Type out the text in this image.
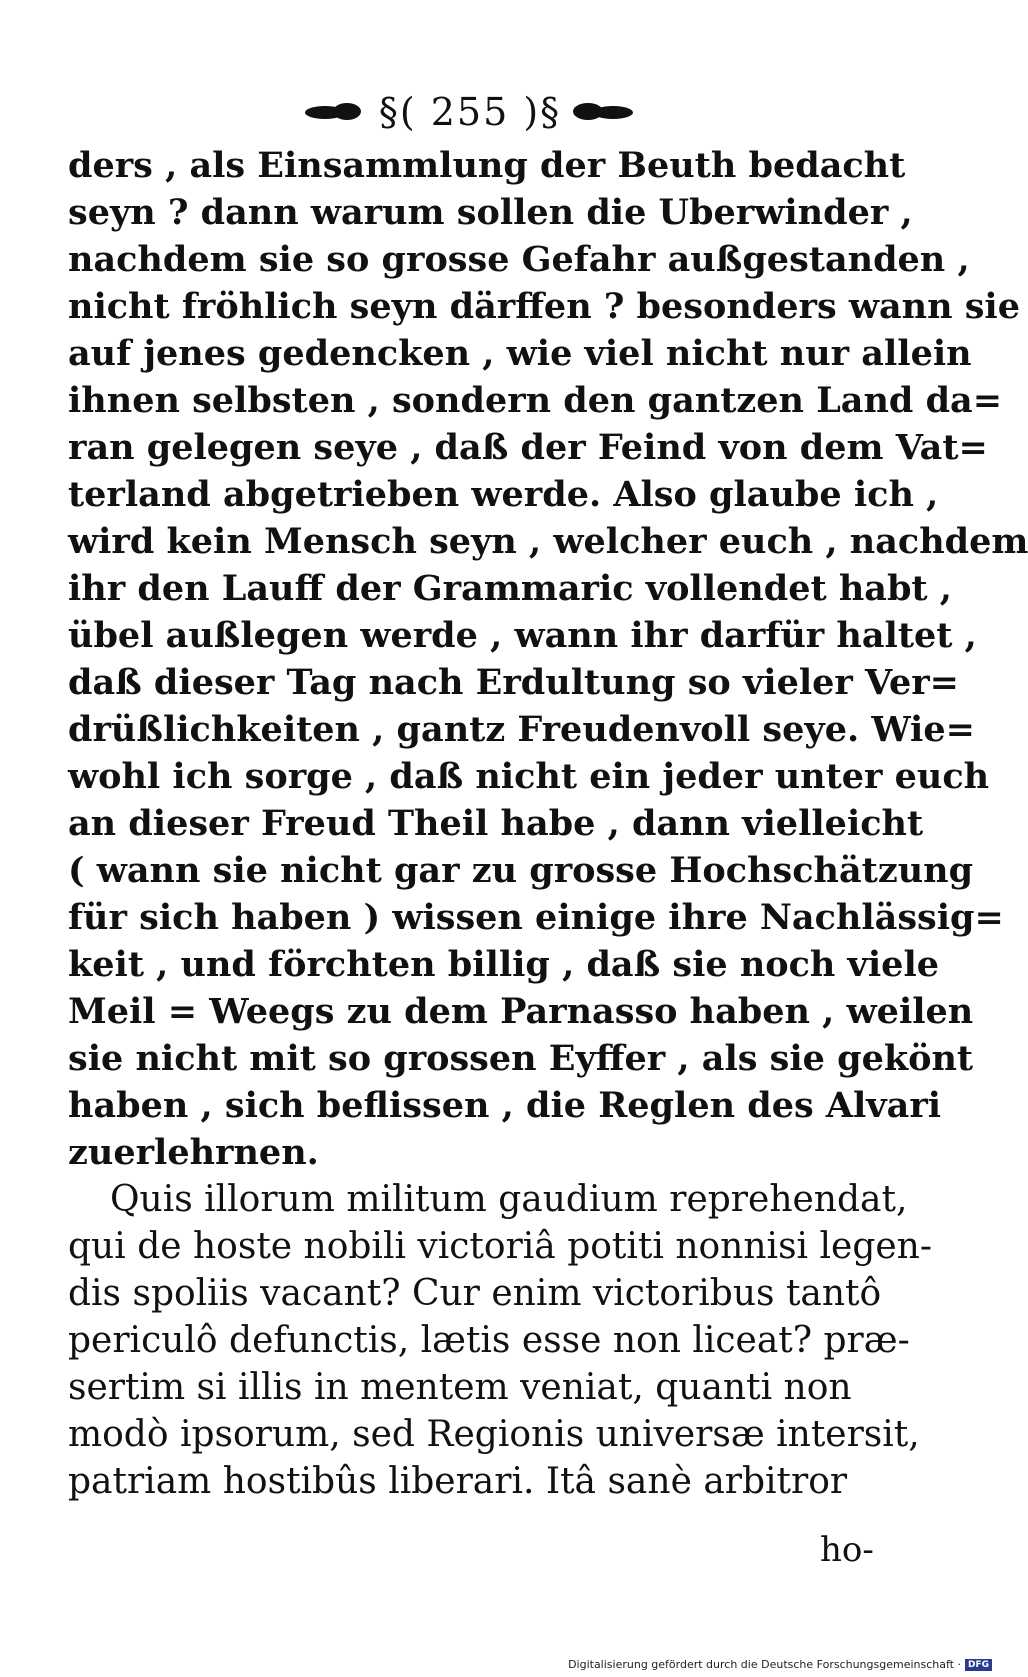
§( 255 )§
ders , als Einsammlung der Beuth bedacht
seyn ? dann warum sollen die Uberwinder ,
nachdem sie so grosse Gefahr außgestanden ,
nicht fröhlich seyn därffen ? besonders wann sie
auf jenes gedencken , wie viel nicht nur allein
ihnen selbsten , sondern den gantzen Land da=
ran gelegen seye , daß der Feind von dem Vat=
terland abgetrieben werde. Also glaube ich ,
wird kein Mensch seyn , welcher euch , nachdem
ihr den Lauff der Grammaric vollendet habt ,
übel außlegen werde , wann ihr darfür haltet ,
daß dieser Tag nach Erdultung so vieler Ver=
drüßlichkeiten , gantz Freudenvoll seye. Wie=
wohl ich sorge , daß nicht ein jeder unter euch
an dieser Freud Theil habe , dann vielleicht
( wann sie nicht gar zu grosse Hochschätzung
für sich haben ) wissen einige ihre Nachlässig=
keit , und förchten billig , daß sie noch viele
Meil = Weegs zu dem Parnasso haben , weilen
sie nicht mit so grossen Eyffer , als sie gekönt
haben , sich beflissen , die Reglen des Alvari
zuerlehrnen.
Quis illorum militum gaudium reprehendat,
qui de hoste nobili victoriâ potiti nonnisi legen-
dis spoliis vacant? Cur enim victoribus tantô
periculô defunctis, lætis esse non liceat? præ-
sertim si illis in mentem veniat, quanti non
modò ipsorum, sed Regionis universæ intersit,
patriam hostibûs liberari. Itâ sanè arbitror
ho-
Digitalisierung gefördert durch die Deutsche Forschungsgemeinschaft · DFG
